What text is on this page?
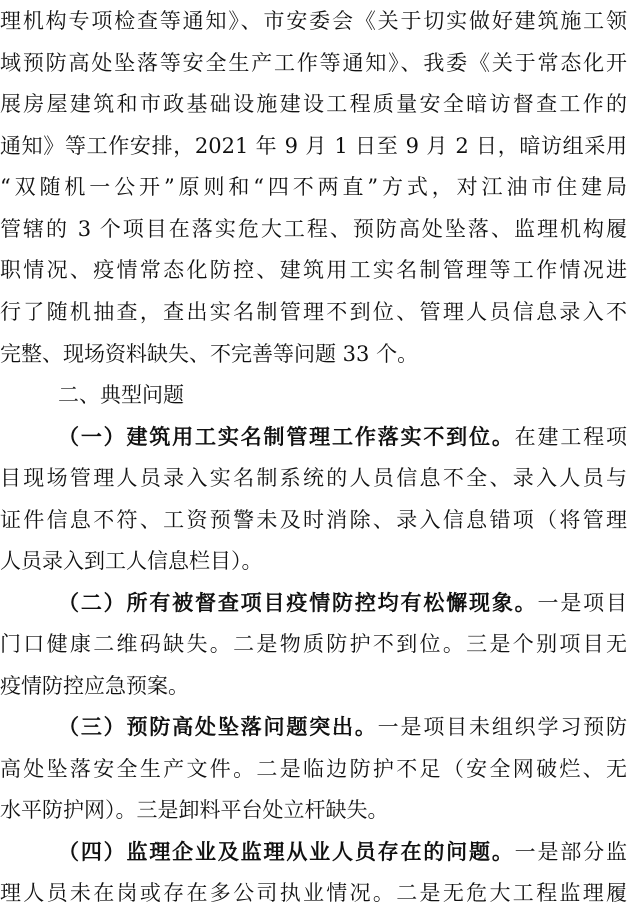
理机构专项检查等通知》、市安委会《关于切实做好建筑施工领
域预防高处坠落等安全生产工作等通知》、我委《关于常态化开
展房屋建筑和市政基础设施建设工程质量安全暗访督查工作的
通知》等工作安排，2021 年 9 月 1 日至 9 月 2 日，暗访组采用
“双随机一公开”原则和“四不两直”方式，对江油市住建局
管辖的 3 个项目在落实危大工程、预防高处坠落、监理机构履
职情况、疫情常态化防控、建筑用工实名制管理等工作情况进
行了随机抽查，查出实名制管理不到位、管理人员信息录入不
完整、现场资料缺失、不完善等问题 33 个。
二、典型问题
（一）建筑用工实名制管理工作落实不到位。在建工程项
目现场管理人员录入实名制系统的人员信息不全、录入人员与
证件信息不符、工资预警未及时消除、录入信息错项（将管理
人员录入到工人信息栏目）。
（二）所有被督查项目疫情防控均有松懈现象。一是项目
门口健康二维码缺失。二是物质防护不到位。三是个别项目无
疫情防控应急预案。
（三）预防高处坠落问题突出。一是项目未组织学习预防
高处坠落安全生产文件。二是临边防护不足（安全网破烂、无
水平防护网）。三是卸料平台处立杆缺失。
（四）监理企业及监理从业人员存在的问题。一是部分监
理人员未在岗或存在多公司执业情况。二是无危大工程监理履
